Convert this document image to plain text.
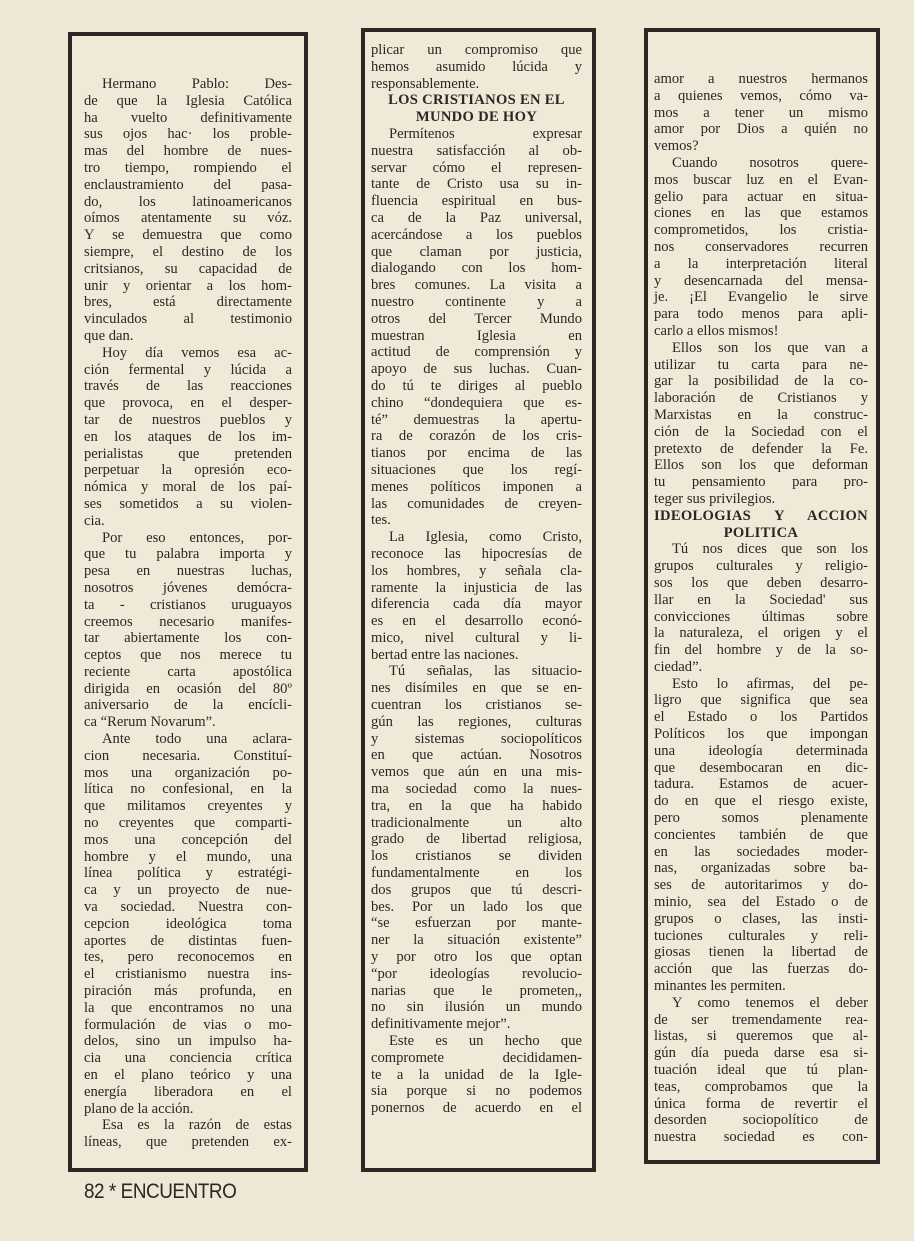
Hermano Pablo: Des-
de que la Iglesia Católica
ha vuelto definitivamente
sus ojos hac· los proble-
mas del hombre de nues-
tro tiempo, rompiendo el
enclaustramiento del pasa-
do, los latinoamericanos
oímos atentamente su vóz.
Y se demuestra que como
siempre, el destino de los
critsianos, su capacidad de
unir y orientar a los hom-
bres, está directamente
vinculados al testimonio
que dan.
Hoy día vemos esa ac-
ción fermental y lúcida a
través de las reacciones
que provoca, en el desper-
tar de nuestros pueblos y
en los ataques de los im-
perialistas que pretenden
perpetuar la opresión eco-
nómica y moral de los paí-
ses sometidos a su violen-
cia.
Por eso entonces, por-
que tu palabra importa y
pesa en nuestras luchas,
nosotros jóvenes demócra-
ta - cristianos uruguayos
creemos necesario manifes-
tar abiertamente los con-
ceptos que nos merece tu
reciente carta apostólica
dirigida en ocasión del 80º
aniversario de la encícli-
ca “Rerum Novarum”.
Ante todo una aclara-
cion necesaria. Constituí-
mos una organización po-
lítica no confesional, en la
que militamos creyentes y
no creyentes que comparti-
mos una concepción del
hombre y el mundo, una
línea política y estratégi-
ca y un proyecto de nue-
va sociedad. Nuestra con-
cepcion ideológica toma
aportes de distintas fuen-
tes, pero reconocemos en
el cristianismo nuestra ins-
piración más profunda, en
la que encontramos no una
formulación de vias o mo-
delos, sino un impulso ha-
cia una conciencia crítica
en el plano teórico y una
energía liberadora en el
plano de la acción.
Esa es la razón de estas
líneas, que pretenden ex-
plicar un compromiso que
hemos asumido lúcida y
responsablemente.
LOS CRISTIANOS EN EL
MUNDO DE HOY
Permítenos expresar
nuestra satisfacción al ob-
servar cómo el represen-
tante de Cristo usa su in-
fluencia espiritual en bus-
ca de la Paz universal,
acercándose a los pueblos
que claman por justicia,
dialogando con los hom-
bres comunes. La visita a
nuestro continente y a
otros del Tercer Mundo
muestran Iglesia en
actitud de comprensión y
apoyo de sus luchas. Cuan-
do tú te diriges al pueblo
chino “dondequiera que es-
té” demuestras la apertu-
ra de corazón de los cris-
tianos por encima de las
situaciones que los regí-
menes políticos imponen a
las comunidades de creyen-
tes.
La Iglesia, como Cristo,
reconoce las hipocresías de
los hombres, y señala cla-
ramente la injusticia de las
diferencia cada día mayor
es en el desarrollo econó-
mico, nivel cultural y li-
bertad entre las naciones.
Tú señalas, las situacio-
nes disímiles en que se en-
cuentran los cristianos se-
gún las regiones, culturas
y sistemas sociopolíticos
en que actúan. Nosotros
vemos que aún en una mis-
ma sociedad como la nues-
tra, en la que ha habido
tradicionalmente un alto
grado de libertad religiosa,
los cristianos se dividen
fundamentalmente en los
dos grupos que tú descri-
bes. Por un lado los que
“se esfuerzan por mante-
ner la situación existente”
y por otro los que optan
“por ideologías revolucio-
narias que le prometen,,
no sin ilusión un mundo
definitivamente mejor”.
Este es un hecho que
compromete decididamen-
te a la unidad de la Igle-
sia porque si no podemos
ponernos de acuerdo en el
amor a nuestros hermanos
a quienes vemos, cómo va-
mos a tener un mismo
amor por Dios a quién no
vemos?
Cuando nosotros quere-
mos buscar luz en el Evan-
gelio para actuar en situa-
ciones en las que estamos
comprometidos, los cristia-
nos conservadores recurren
a la interpretación literal
y desencarnada del mensa-
je. ¡El Evangelio le sirve
para todo menos para apli-
carlo a ellos mismos!
Ellos son los que van a
utilizar tu carta para ne-
gar la posibilidad de la co-
laboración de Cristianos y
Marxistas en la construc-
ción de la Sociedad con el
pretexto de defender la Fe.
Ellos son los que deforman
tu pensamiento para pro-
teger sus privilegios.
IDEOLOGIAS Y ACCION
POLITICA
Tú nos dices que son los
grupos culturales y religio-
sos los que deben desarro-
llar en la Sociedad' sus
convicciones últimas sobre
la naturaleza, el origen y el
fin del hombre y de la so-
ciedad”.
Esto lo afirmas, del pe-
ligro que significa que sea
el Estado o los Partidos
Políticos los que impongan
una ideología determinada
que desembocaran en dic-
tadura. Estamos de acuer-
do en que el riesgo existe,
pero somos plenamente
concientes también de que
en las sociedades moder-
nas, organizadas sobre ba-
ses de autoritarimos y do-
minio, sea del Estado o de
grupos o clases, las insti-
tuciones culturales y reli-
giosas tienen la libertad de
acción que las fuerzas do-
minantes les permiten.
Y como tenemos el deber
de ser tremendamente rea-
listas, si queremos que al-
gún día pueda darse esa si-
tuación ideal que tú plan-
teas, comprobamos que la
única forma de revertir el
desorden sociopolítico de
nuestra sociedad es con-
82 * ENCUENTRO
